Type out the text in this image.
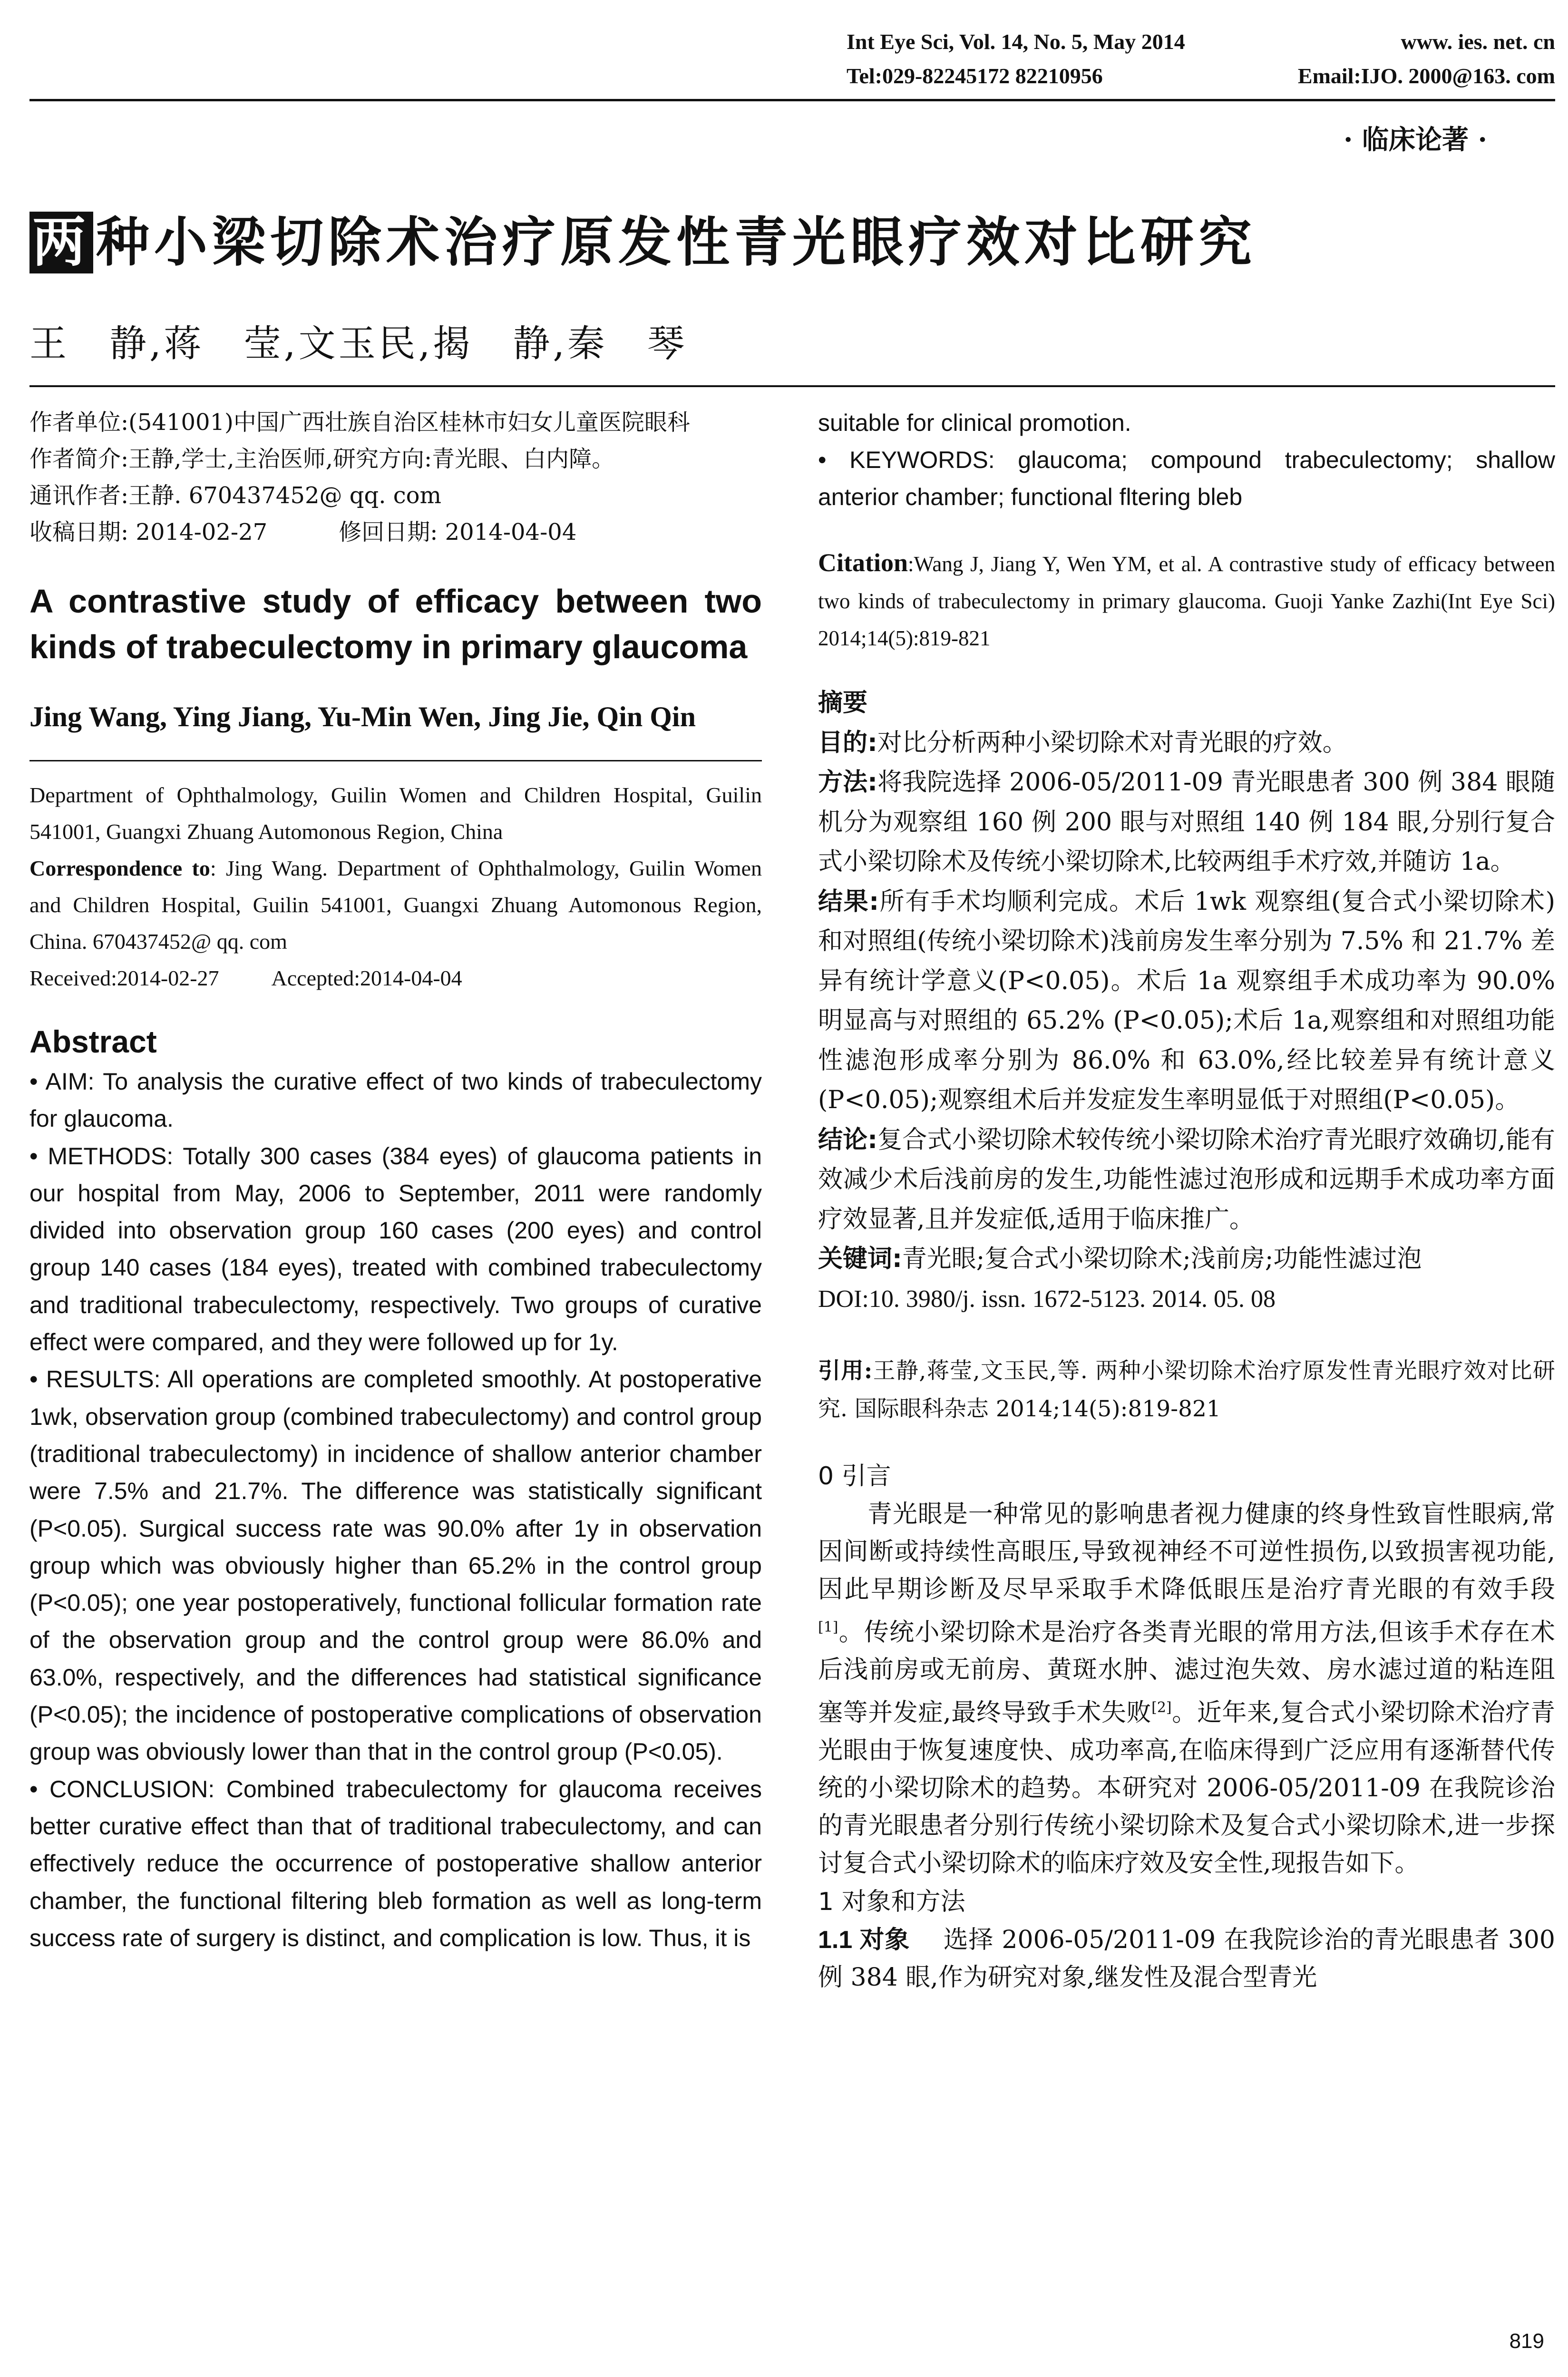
Int Eye Sci, Vol. 14, No. 5, May 2014	www. ies. net. cn
Tel:029-82245172 82210956	Email:IJO. 2000@163. com
· 临床论著 ·
两 种小梁切除术治疗原发性青光眼疗效对比研究
王　静,蒋　莹,文玉民,揭　静,秦　琴
作者单位:(541001)中国广西壮族自治区桂林市妇女儿童医院眼科
作者简介:王静,学士,主治医师,研究方向:青光眼、白内障。
通讯作者:王静. 670437452@ qq. com
收稿日期: 2014-02-27	修回日期: 2014-04-04
A contrastive study of efficacy between two kinds of trabeculectomy in primary glaucoma
Jing Wang, Ying Jiang, Yu-Min Wen, Jing Jie, Qin Qin
Department of Ophthalmology, Guilin Women and Children Hospital, Guilin 541001, Guangxi Zhuang Automonous Region, China
Correspondence to: Jing Wang. Department of Ophthalmology, Guilin Women and Children Hospital, Guilin 541001, Guangxi Zhuang Automonous Region, China. 670437452@ qq. com
Received:2014-02-27 Accepted:2014-04-04
Abstract

• AIM: To analysis the curative effect of two kinds of trabeculectomy for glaucoma.

• METHODS: Totally 300 cases (384 eyes) of glaucoma patients in our hospital from May, 2006 to September, 2011 were randomly divided into observation group 160 cases (200 eyes) and control group 140 cases (184 eyes), treated with combined trabeculectomy and traditional trabeculectomy, respectively. Two groups of curative effect were compared, and they were followed up for 1y.

• RESULTS: All operations are completed smoothly. At postoperative 1wk, observation group (combined trabeculectomy) and control group (traditional trabeculectomy) in incidence of shallow anterior chamber were 7.5% and 21.7%. The difference was statistically significant (P<0.05). Surgical success rate was 90.0% after 1y in observation group which was obviously higher than 65.2% in the control group (P<0.05); one year postoperatively, functional follicular formation rate of the observation group and the control group were 86.0% and 63.0%, respectively, and the differences had statistical significance (P<0.05); the incidence of postoperative complications of observation group was obviously lower than that in the control group (P<0.05).

• CONCLUSION: Combined trabeculectomy for glaucoma receives better curative effect than that of traditional trabeculectomy, and can effectively reduce the occurrence of postoperative shallow anterior chamber, the functional filtering bleb formation as well as long-term success rate of surgery is distinct, and complication is low. Thus, it is

suitable for clinical promotion.
• KEYWORDS: glaucoma; compound trabeculectomy; shallow anterior chamber; functional fltering bleb
Citation:Wang J, Jiang Y, Wen YM, et al. A contrastive study of efficacy between two kinds of trabeculectomy in primary glaucoma. Guoji Yanke Zazhi(Int Eye Sci) 2014;14(5):819-821

摘要

目的:对比分析两种小梁切除术对青光眼的疗效。

方法:将我院选择 2006-05/2011-09 青光眼患者 300 例 384 眼随机分为观察组 160 例 200 眼与对照组 140 例 184 眼,分别行复合式小梁切除术及传统小梁切除术,比较两组手术疗效,并随访 1a。

结果:所有手术均顺利完成。术后 1wk 观察组(复合式小梁切除术)和对照组(传统小梁切除术)浅前房发生率分别为 7.5% 和 21.7% 差异有统计学意义(P<0.05)。术后 1a 观察组手术成功率为 90.0% 明显高与对照组的 65.2% (P<0.05);术后 1a,观察组和对照组功能性滤泡形成率分别为 86.0% 和 63.0%,经比较差异有统计意义(P<0.05);观察组术后并发症发生率明显低于对照组(P<0.05)。

结论:复合式小梁切除术较传统小梁切除术治疗青光眼疗效确切,能有效减少术后浅前房的发生,功能性滤过泡形成和远期手术成功率方面疗效显著,且并发症低,适用于临床推广。

关键词:青光眼;复合式小梁切除术;浅前房;功能性滤过泡

DOI:10. 3980/j. issn. 1672-5123. 2014. 05. 08

引用:王静,蒋莹,文玉民,等. 两种小梁切除术治疗原发性青光眼疗效对比研究. 国际眼科杂志 2014;14(5):819-821
0 引言

青光眼是一种常见的影响患者视力健康的终身性致盲性眼病,常因间断或持续性高眼压,导致视神经不可逆性损伤,以致损害视功能,因此早期诊断及尽早采取手术降低眼压是治疗青光眼的有效手段[1]。传统小梁切除术是治疗各类青光眼的常用方法,但该手术存在术后浅前房或无前房、黄斑水肿、滤过泡失效、房水滤过道的粘连阻塞等并发症,最终导致手术失败[2]。近年来,复合式小梁切除术治疗青光眼由于恢复速度快、成功率高,在临床得到广泛应用有逐渐替代传统的小梁切除术的趋势。本研究对 2006-05/2011-09 在我院诊治的青光眼患者分别行传统小梁切除术及复合式小梁切除术,进一步探讨复合式小梁切除术的临床疗效及安全性,现报告如下。

1 对象和方法
1.1 对象 选择 2006-05/2011-09 在我院诊治的青光眼患者 300 例 384 眼,作为研究对象,继发性及混合型青光
819
